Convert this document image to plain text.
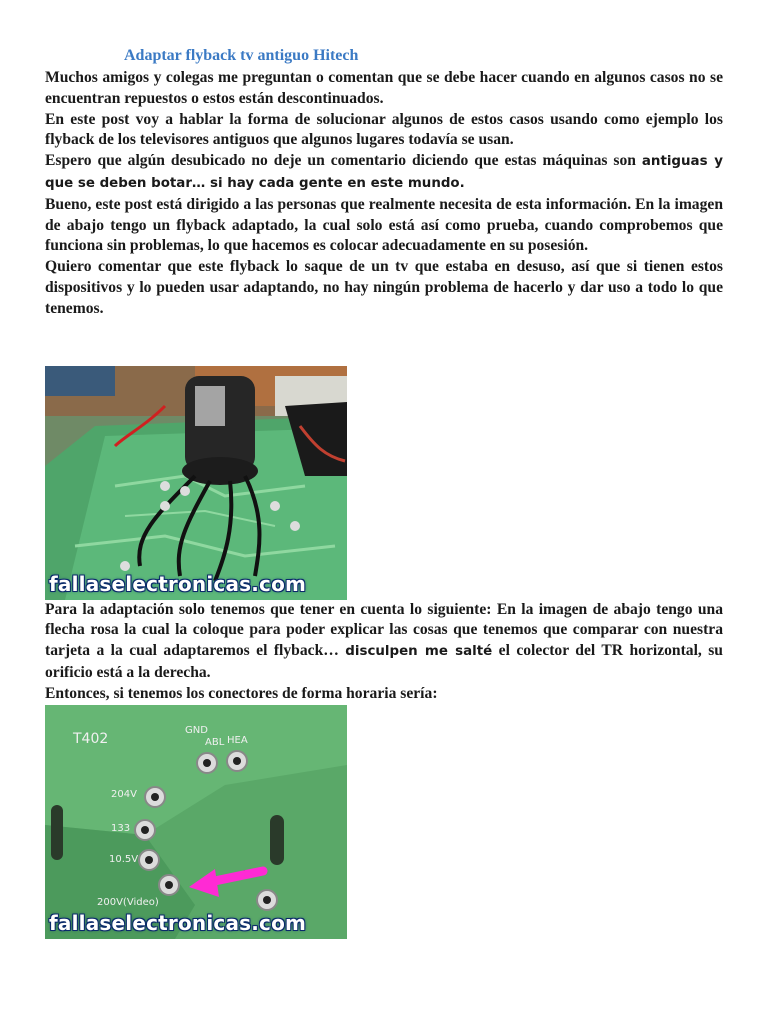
Adaptar flyback tv antiguo Hitech

Muchos amigos y colegas me preguntan o comentan que se debe hacer cuando en algunos casos no se encuentran repuestos o estos están descontinuados.

En este post voy a hablar la forma de solucionar algunos de estos casos usando como ejemplo los flyback de los televisores antiguos que algunos lugares todavía se usan.

Espero que algún desubicado no deje un comentario diciendo que estas máquinas son antiguas y que se deben botar… si hay cada gente en este mundo.

Bueno, este post está dirigido a las personas que realmente necesita de esta información. En la imagen de abajo tengo un flyback adaptado, la cual solo está así como prueba, cuando comprobemos que funciona sin problemas, lo que hacemos es colocar adecuadamente en su posesión.

Quiero comentar que este flyback lo saque de un tv que estaba en desuso, así que si tienen estos dispositivos y lo pueden usar adaptando, no hay ningún problema de hacerlo y dar uso a todo lo que tenemos.

fallaselectronicas.com

Para la adaptación solo tenemos que tener en cuenta lo siguiente: En la imagen de abajo tengo una flecha rosa la cual la coloque para poder explicar las cosas que tenemos que comparar con nuestra tarjeta a la cual adaptaremos el flyback… disculpen me salté el colector del TR horizontal, su orificio está a la derecha.

Entonces, si tenemos los conectores de forma horaria sería:

T402
GND
ABL HEA
204V
133
10.5V
200V(Video)
fallaselectronicas.com
